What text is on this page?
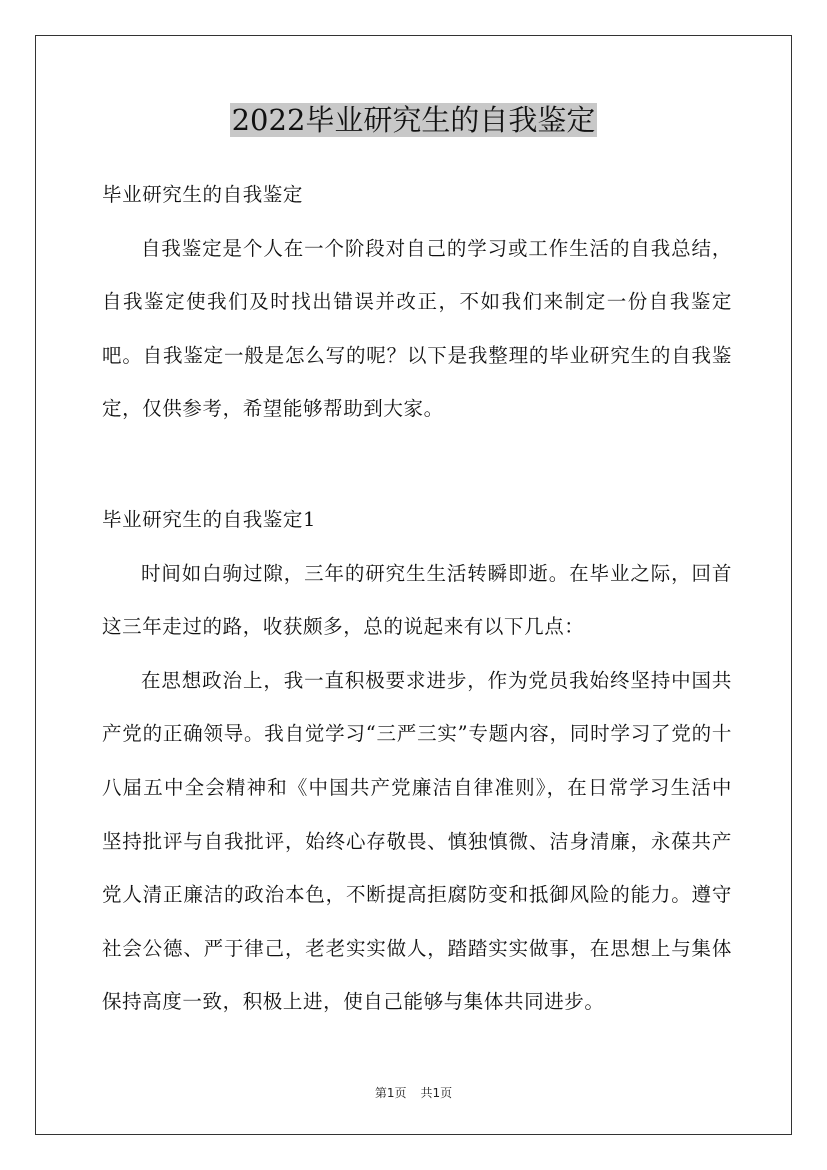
2022毕业研究生的自我鉴定

毕业研究生的自我鉴定

自我鉴定是个人在一个阶段对自己的学习或工作生活的自我总结，自我鉴定使我们及时找出错误并改正，不如我们来制定一份自我鉴定吧。自我鉴定一般是怎么写的呢？以下是我整理的毕业研究生的自我鉴定，仅供参考，希望能够帮助到大家。

毕业研究生的自我鉴定1

时间如白驹过隙，三年的研究生生活转瞬即逝。在毕业之际，回首这三年走过的路，收获颇多，总的说起来有以下几点：

在思想政治上，我一直积极要求进步，作为党员我始终坚持中国共产党的正确领导。我自觉学习“三严三实”专题内容，同时学习了党的十八届五中全会精神和《中国共产党廉洁自律准则》，在日常学习生活中坚持批评与自我批评，始终心存敬畏、慎独慎微、洁身清廉，永葆共产党人清正廉洁的政治本色，不断提高拒腐防变和抵御风险的能力。遵守社会公德、严于律己，老老实实做人，踏踏实实做事，在思想上与集体保持高度一致，积极上进，使自己能够与集体共同进步。

第1页 共1页
